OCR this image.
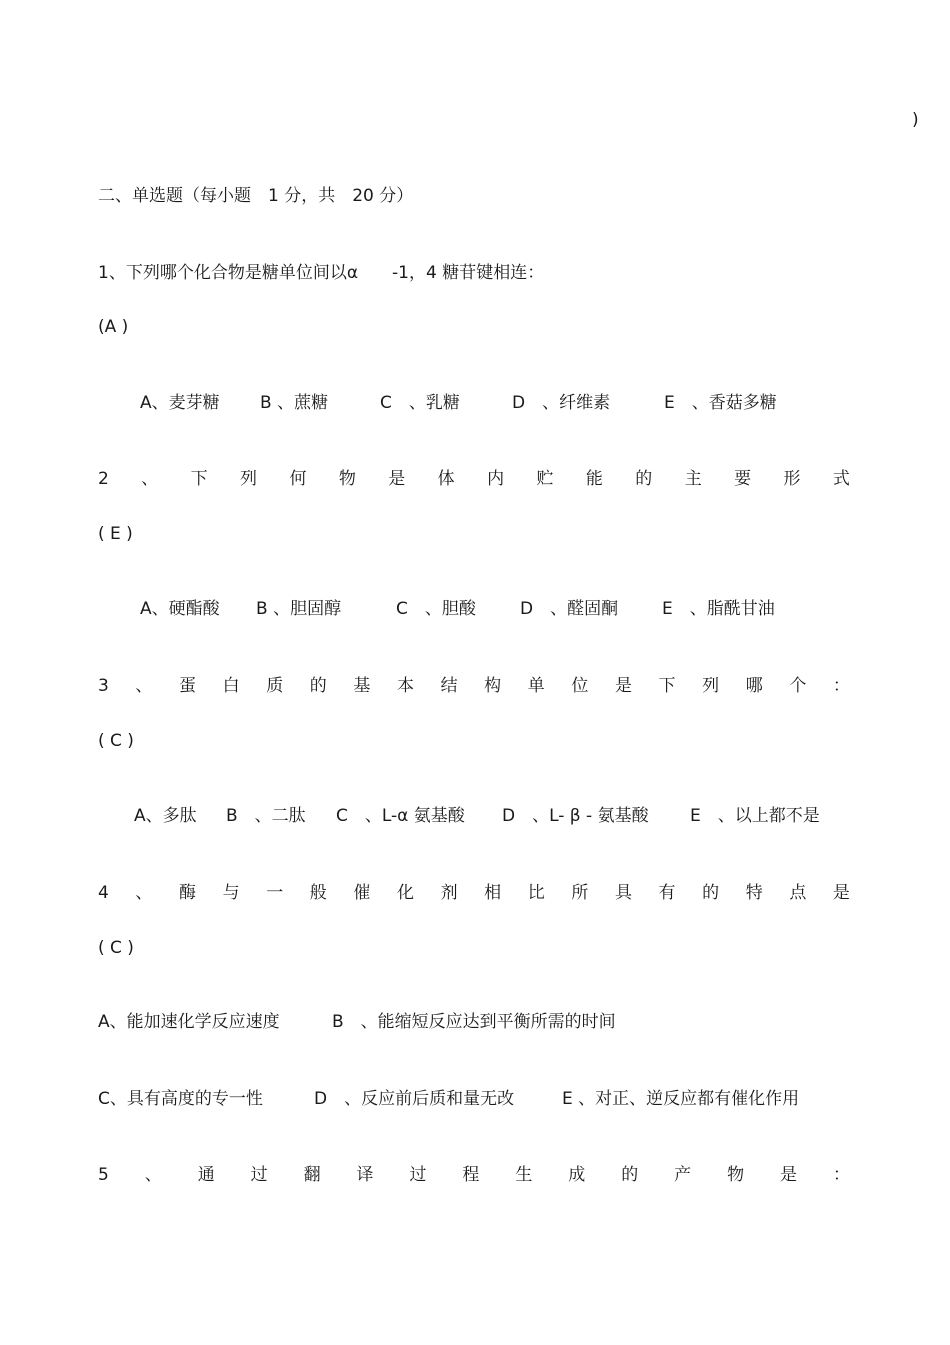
)
二、单选题（每小题　1 分，共　20 分）
1、下列哪个化合物是糖单位间以α　　-1，4 糖苷键相连：
(A )
A、麦芽糖 B 、蔗糖	C　、乳糖	D　、纤维素	E　、香菇多糖
2 、 下 列 何 物 是 体 内 贮 能 的 主 要 形 式
( E )
A、硬酯酸 B 、胆固醇	C　、胆酸	D　、醛固酮	E　、脂酰甘油
3 、 蛋 白 质 的 基 本 结 构 单 位 是 下 列 哪 个 ：
( C )
A、多肽 B　、二肽 C　、L-α 氨基酸 D　、L- β - 氨基酸 E　、以上都不是
4 、 酶 与 一 般 催 化 剂 相 比 所 具 有 的 特 点 是
( C )
A、能加速化学反应速度	B　、能缩短反应达到平衡所需的时间
C、具有高度的专一性	D　、反应前后质和量无改	E 、对正、逆反应都有催化作用
5 、 通 过 翻 译 过 程 生 成 的 产 物 是 ：
